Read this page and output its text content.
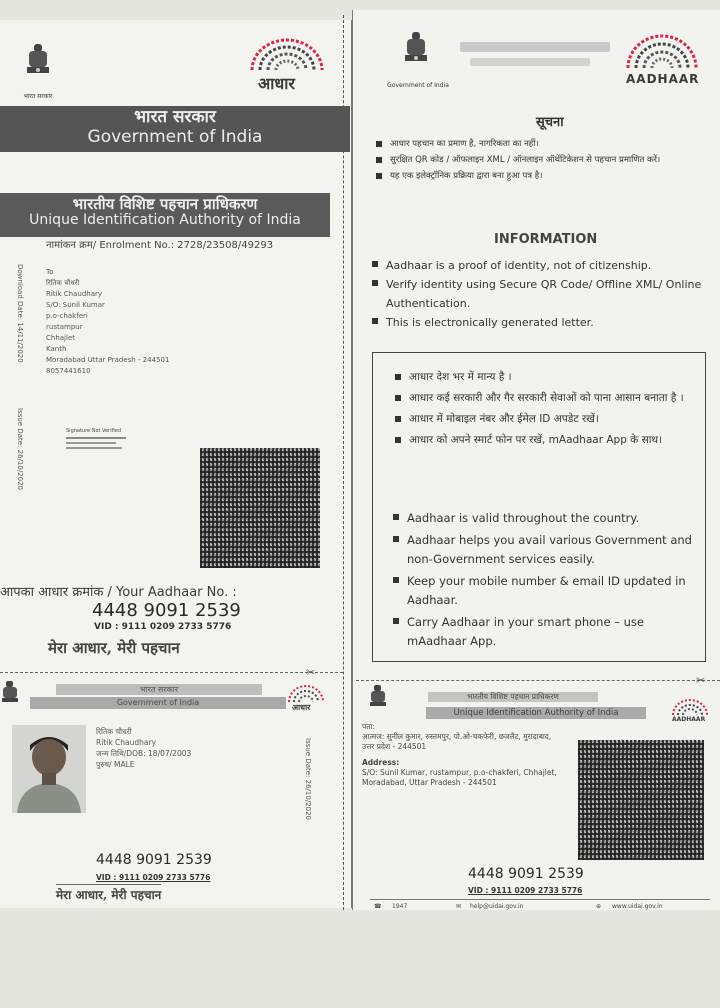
भारत सरकार
आधार
भारत सरकार
Government of India
भारतीय विशिष्ट पहचान प्राधिकरण
Unique Identification Authority of India
नामांकन क्रम/ Enrolment No.: 2728/23508/49293
Download Date: 14/11/2020
Issue Date: 26/10/2020
To
रितिक चौधरी
Ritik Chaudhary
S/O: Sunil Kumar
p.o-chakferi
rustampur
Chhajlet
Kanth
Moradabad Uttar Pradesh - 244501
8057441610
Signature Not Verified
आपका आधार क्रमांक / Your Aadhaar No. :
4448 9091 2539
VID : 9111 0209 2733 5776
मेरा आधार, मेरी पहचान
✂
Government of India	AADHAAR
सूचना
आधार पहचान का प्रमाण है, नागरिकता का नहीं।
सुरक्षित QR कोड / ऑफलाइन XML / ऑनलाइन ऑथेंटिकेशन से पहचान प्रमाणित करें।
यह एक इलेक्ट्रॉनिक प्रक्रिया द्वारा बना हुआ पत्र है।
INFORMATION
Aadhaar is a proof of identity, not of citizenship.
Verify identity using Secure QR Code/ Offline XML/ Online Authentication.
This is electronically generated letter.
आधार देश भर में मान्य है ।
आधार कई सरकारी और गैर सरकारी सेवाओं को पाना आसान बनाता है ।
आधार में मोबाइल नंबर और ईमेल ID अपडेट रखें।
आधार को अपने स्मार्ट फोन पर रखें, mAadhaar App के साथ।
Aadhaar is valid throughout the country.
Aadhaar helps you avail various Government and non-Government services easily.
Keep your mobile number & email ID updated in Aadhaar.
Carry Aadhaar in your smart phone – use mAadhaar App.
✂
भारत सरकार
Government of India
आधार
रितिक चौधरी
Ritik Chaudhary
जन्म तिथि/DOB: 18/07/2003
पुरुष/ MALE	Issue Date: 26/10/2020
4448 9091 2539
VID : 9111 0209 2733 5776
मेरा आधार, मेरी पहचान
भारतीय विशिष्ट पहचान प्राधिकरण
Unique Identification Authority of India
AADHAAR
पता:
आत्मज: सुनील कुमार, रुस्तमपुर, पो.ओ-चकफेरी, छजलैट, मुरादाबाद, उत्तर प्रदेश - 244501
Address:
S/O: Sunil Kumar, rustampur, p.o-chakferi, Chhajlet, Moradabad, Uttar Pradesh - 244501
4448 9091 2539
VID : 9111 0209 2733 5776
☎ 1947	✉ help@uidai.gov.in	⊕ www.uidai.gov.in
